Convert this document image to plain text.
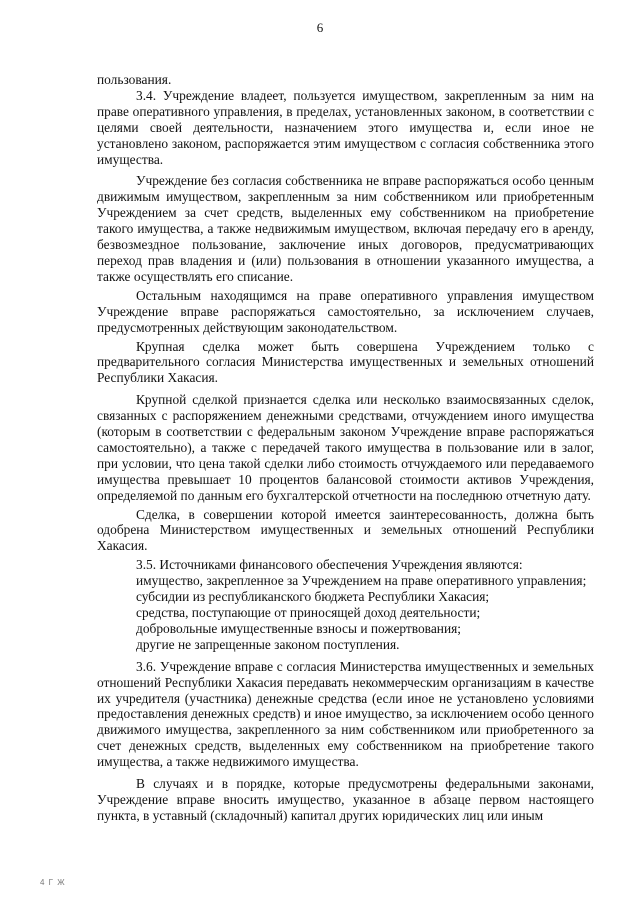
6

пользования.

3.4. Учреждение владеет, пользуется имуществом, закрепленным за ним на праве оперативного управления, в пределах, установленных законом, в соответствии с целями своей деятельности, назначением этого имущества и, если иное не установлено законом, распоряжается этим имуществом с согласия собственника этого имущества.

Учреждение без согласия собственника не вправе распоряжаться особо ценным движимым имуществом, закрепленным за ним собственником или приобретенным Учреждением за счет средств, выделенных ему собственником на приобретение такого имущества, а также недвижимым имуществом, включая передачу его в аренду, безвозмездное пользование, заключение иных договоров, предусматривающих переход прав владения и (или) пользования в отношении указанного имущества, а также осуществлять его списание.

Остальным находящимся на праве оперативного управления имуществом Учреждение вправе распоряжаться самостоятельно, за исключением случаев, предусмотренных действующим законодательством.

Крупная сделка может быть совершена Учреждением только с предварительного согласия Министерства имущественных и земельных отношений Республики Хакасия.

Крупной сделкой признается сделка или несколько взаимосвязанных сделок, связанных с распоряжением денежными средствами, отчуждением иного имущества (которым в соответствии с федеральным законом Учреждение вправе распоряжаться самостоятельно), а также с передачей такого имущества в пользование или в залог, при условии, что цена такой сделки либо стоимость отчуждаемого или передаваемого имущества превышает 10 процентов балансовой стоимости активов Учреждения, определяемой по данным его бухгалтерской отчетности на последнюю отчетную дату.

Сделка, в совершении которой имеется заинтересованность, должна быть одобрена Министерством имущественных и земельных отношений Республики Хакасия.

3.5. Источниками финансового обеспечения Учреждения являются:

имущество, закрепленное за Учреждением на праве оперативного управления;

субсидии из республиканского бюджета Республики Хакасия;

средства, поступающие от приносящей доход деятельности;

добровольные имущественные взносы и пожертвования;

другие не запрещенные законом поступления.

3.6. Учреждение вправе с согласия Министерства имущественных и земельных отношений Республики Хакасия передавать некоммерческим организациям в качестве их учредителя (участника) денежные средства (если иное не установлено условиями предоставления денежных средств) и иное имущество, за исключением особо ценного движимого имущества, закрепленного за ним собственником или приобретенного за счет денежных средств, выделенных ему собственником на приобретение такого имущества, а также недвижимого имущества.

В случаях и в порядке, которые предусмотрены федеральными законами, Учреждение вправе вносить имущество, указанное в абзаце первом настоящего пункта, в уставный (складочный) капитал других юридических лиц или иным

4 Г Ж
